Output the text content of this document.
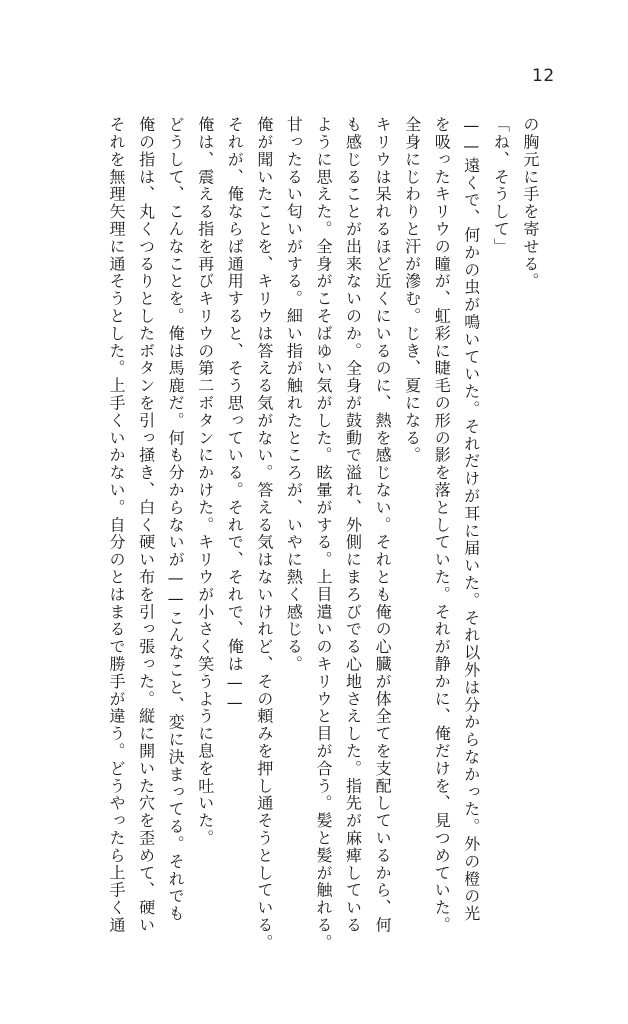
12
の胸元に手を寄せる。
「ね、そうして」
——遠くで、何かの虫が鳴いていた。それだけが耳に届いた。それ以外は分からなかった。外の橙の光
を吸ったキリウの瞳が、虹彩に睫毛の形の影を落としていた。それが静かに、俺だけを、見つめていた。
全身にじわりと汗が滲む。じき、夏になる。
キリウは呆れるほど近くにいるのに、熱を感じない。それとも俺の心臓が体全てを支配しているから、何
も感じることが出来ないのか。全身が鼓動で溢れ、外側にまろびでる心地さえした。指先が麻痺している
ように思えた。全身がこそばゆい気がした。眩暈がする。上目遣いのキリウと目が合う。髪と髪が触れる。
甘ったるい匂いがする。細い指が触れたところが、いやに熱く感じる。
俺が聞いたことを、キリウは答える気がない。答える気はないけれど、その頼みを押し通そうとしている。
それが、俺ならば通用すると、そう思っている。それで、それで、俺は——
俺は、震える指を再びキリウの第二ボタンにかけた。キリウが小さく笑うように息を吐いた。
どうして、こんなことを。俺は馬鹿だ。何も分からないが——こんなこと、変に決まってる。それでも
俺の指は、丸くつるりとしたボタンを引っ掻き、白く硬い布を引っ張った。縦に開いた穴を歪めて、硬い
それを無理矢理に通そうとした。上手くいかない。自分のとはまるで勝手が違う。どうやったら上手く通
